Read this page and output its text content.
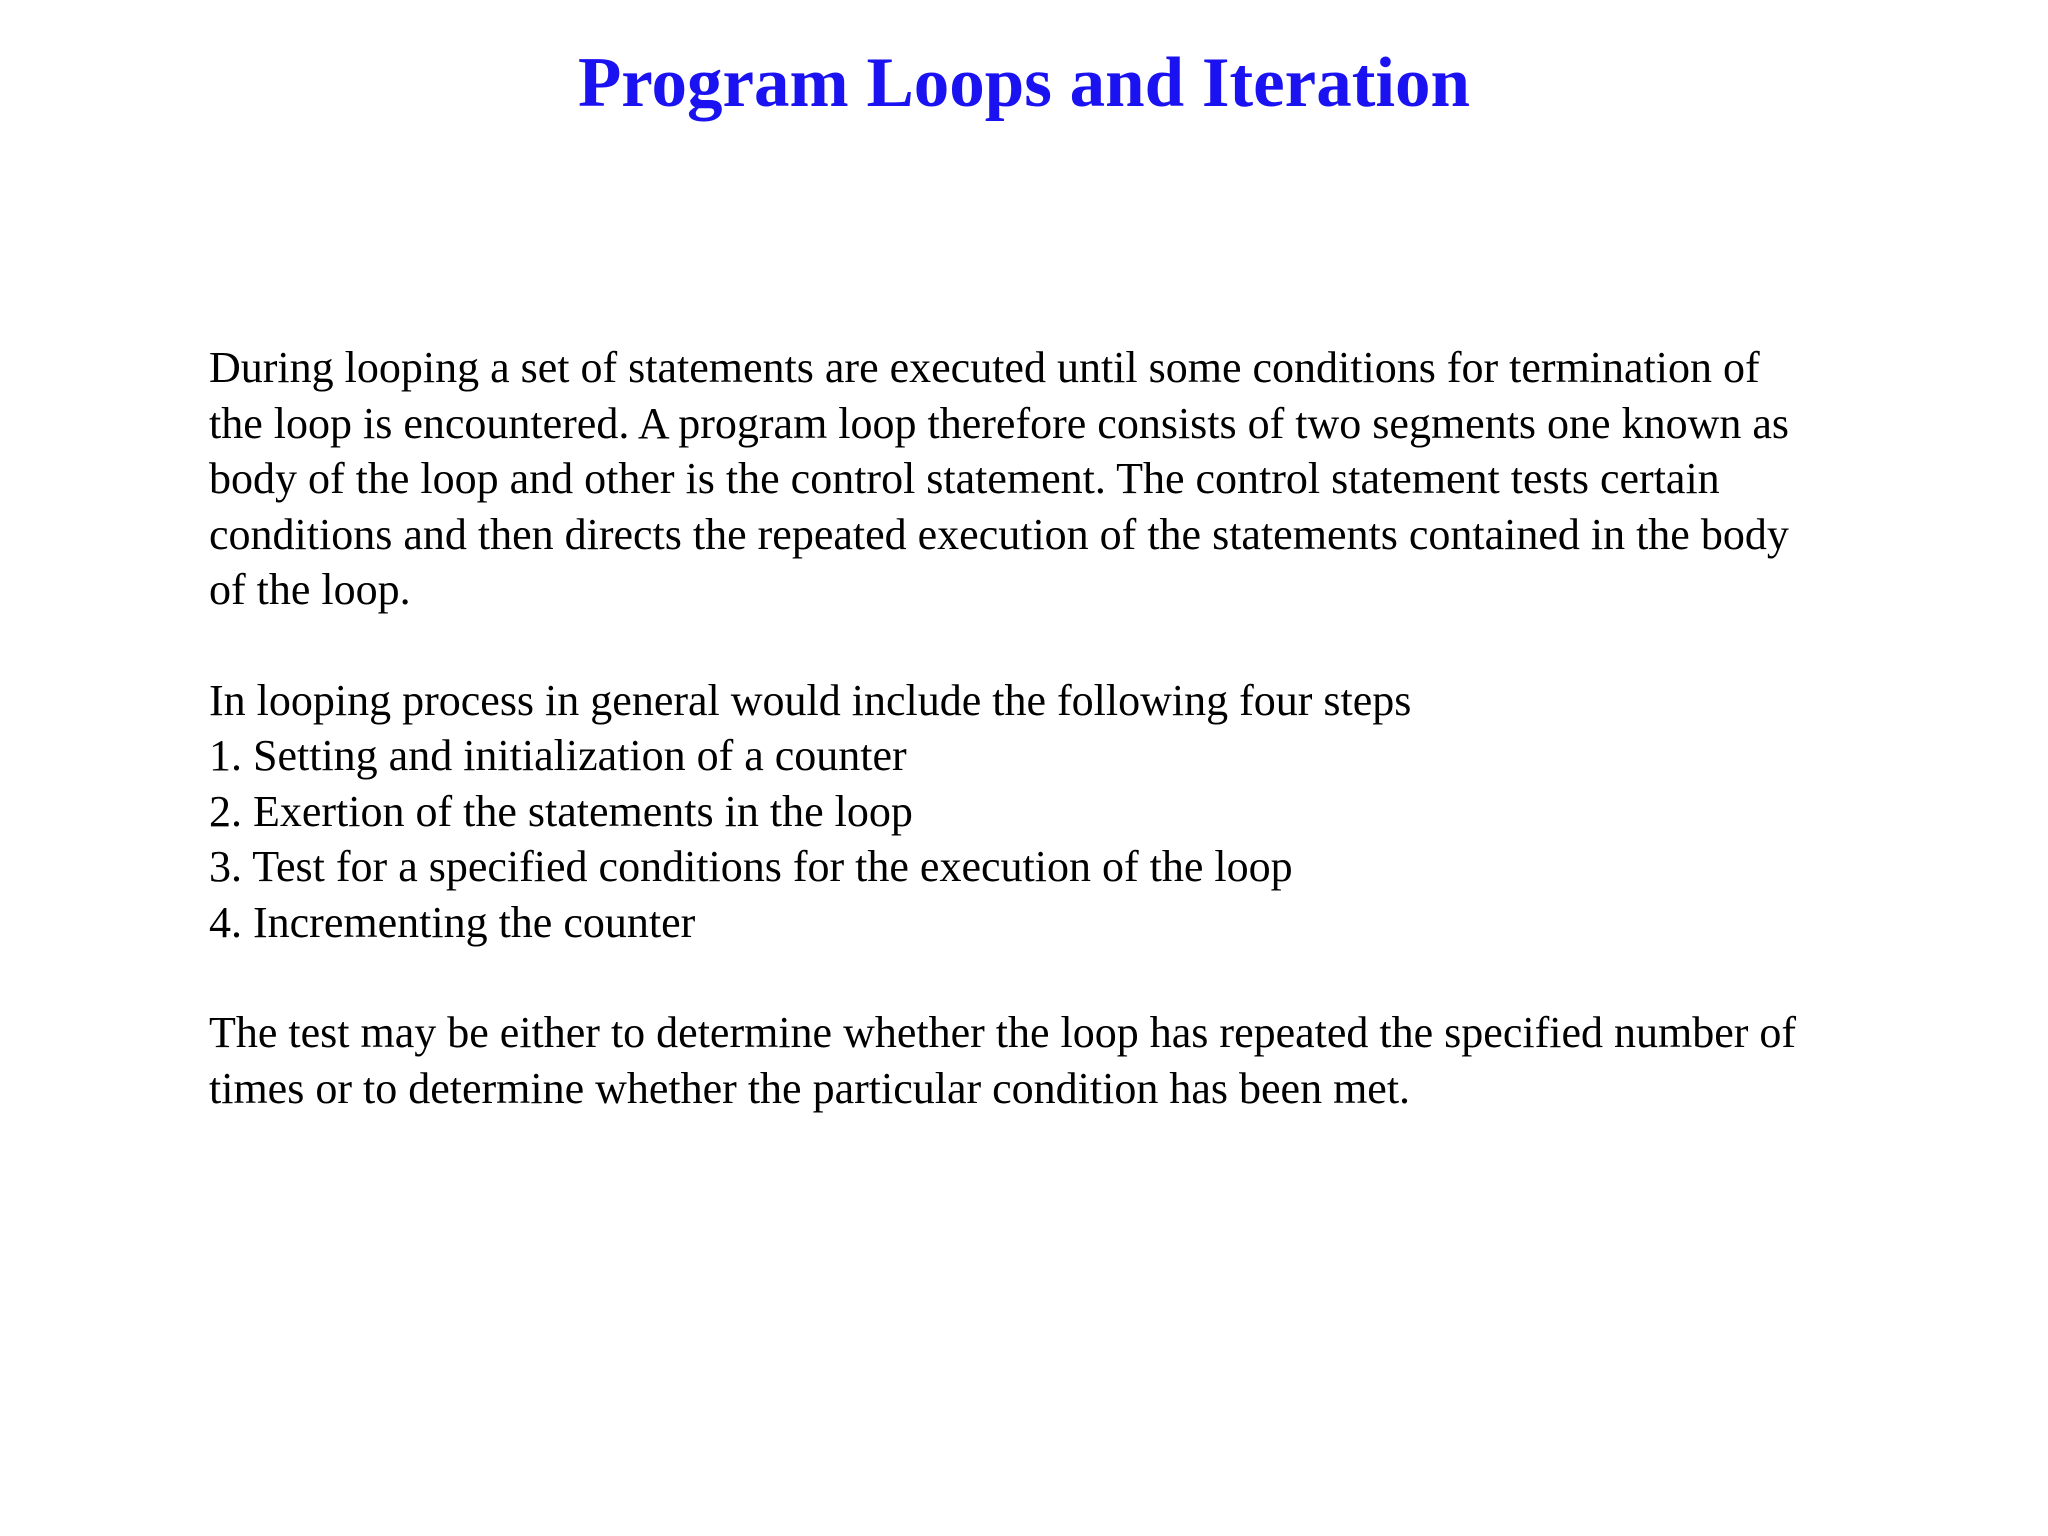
Program Loops and Iteration

During looping a set of statements are executed until some conditions for termination of
the loop is encountered. A program loop therefore consists of two segments one known as
body of the loop and other is the control statement. The control statement tests certain
conditions and then directs the repeated execution of the statements contained in the body
of the loop.

In looping process in general would include the following four steps

1. Setting and initialization of a counter
2. Exertion of the statements in the loop
3. Test for a specified conditions for the execution of the loop
4. Incrementing the counter

The test may be either to determine whether the loop has repeated the specified number of
times or to determine whether the particular condition has been met.
